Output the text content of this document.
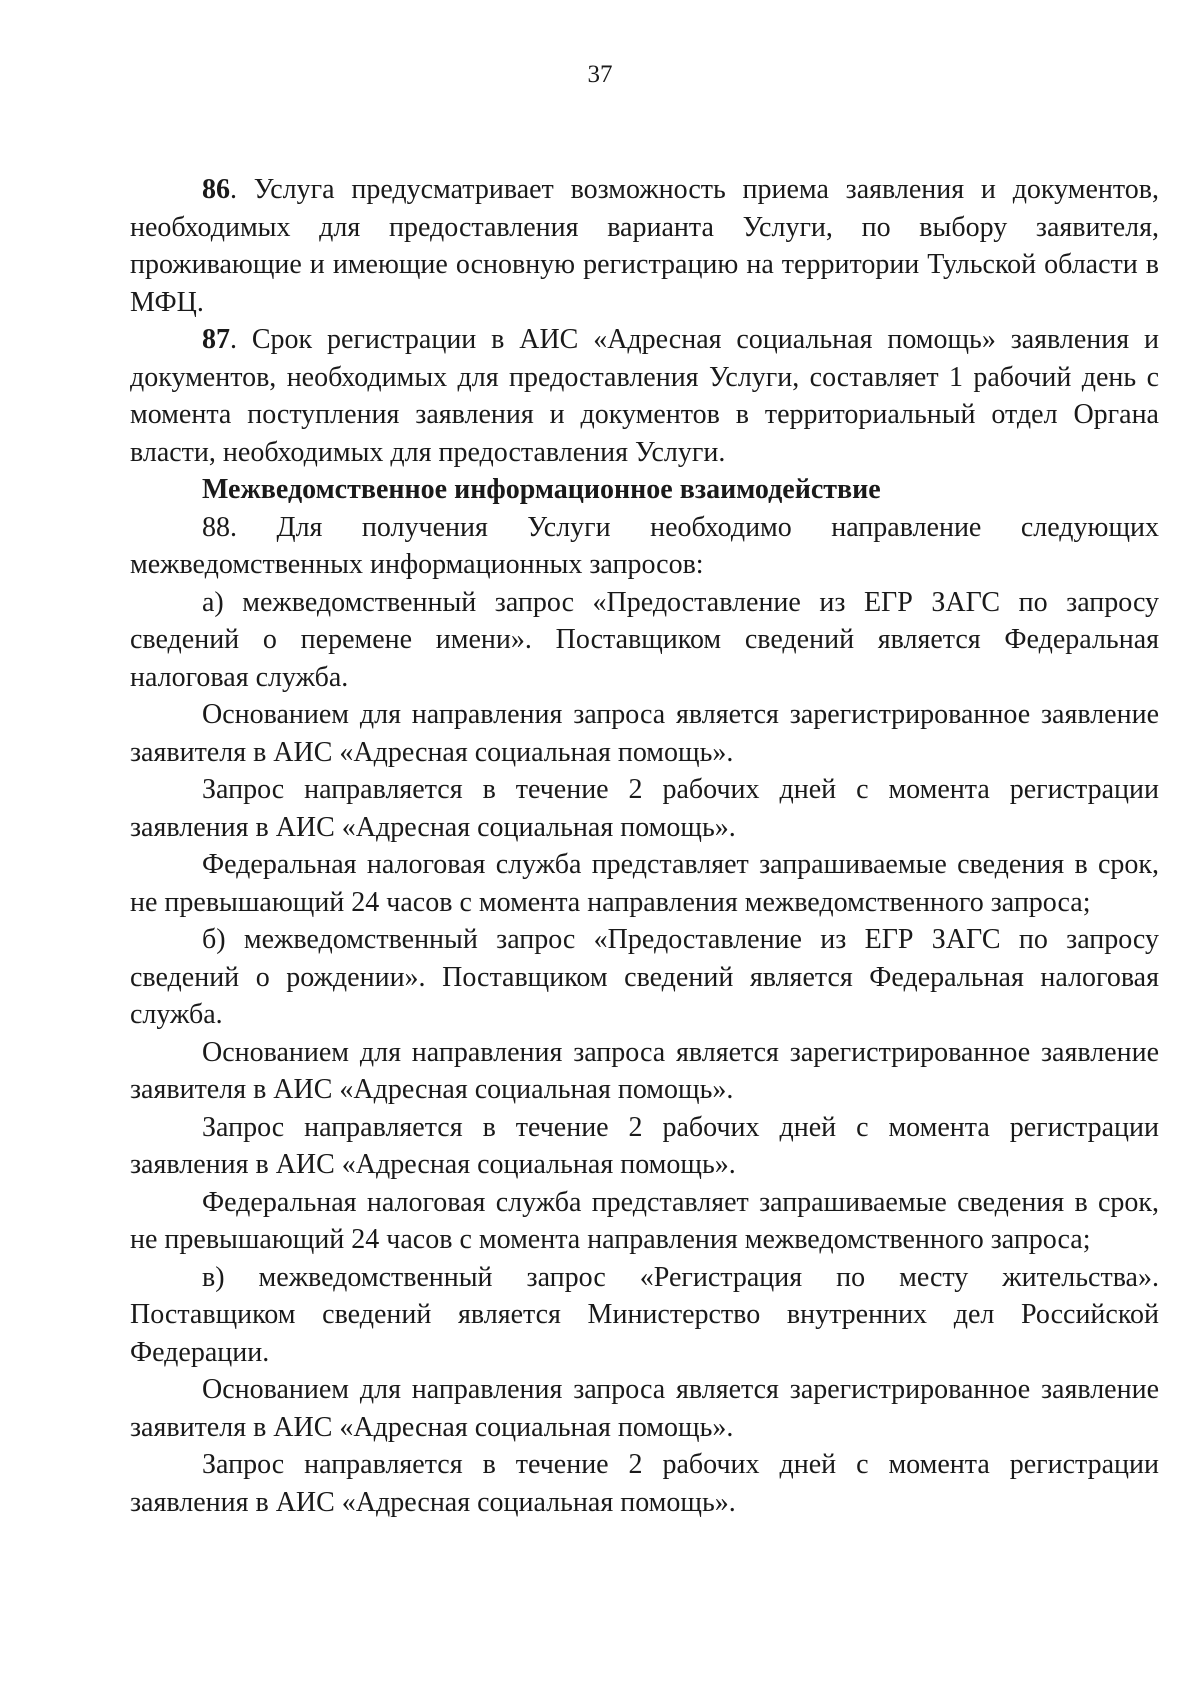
37

86. Услуга предусматривает возможность приема заявления и документов, необходимых для предоставления варианта Услуги, по выбору заявителя, проживающие и имеющие основную регистрацию на территории Тульской области в МФЦ.

87. Срок регистрации в АИС «Адресная социальная помощь» заявления и документов, необходимых для предоставления Услуги, составляет 1 рабочий день с момента поступления заявления и документов в территориальный отдел Органа власти, необходимых для предоставления Услуги.

Межведомственное информационное взаимодействие

88. Для получения Услуги необходимо направление следующих межведомственных информационных запросов:

а) межведомственный запрос «Предоставление из ЕГР ЗАГС по запросу сведений о перемене имени». Поставщиком сведений является Федеральная налоговая служба.

Основанием для направления запроса является зарегистрированное заявление заявителя в АИС «Адресная социальная помощь».

Запрос направляется в течение 2 рабочих дней с момента регистрации заявления в АИС «Адресная социальная помощь».

Федеральная налоговая служба представляет запрашиваемые сведения в срок, не превышающий 24 часов с момента направления межведомственного запроса;

б) межведомственный запрос «Предоставление из ЕГР ЗАГС по запросу сведений о рождении». Поставщиком сведений является Федеральная налоговая служба.

Основанием для направления запроса является зарегистрированное заявление заявителя в АИС «Адресная социальная помощь».

Запрос направляется в течение 2 рабочих дней с момента регистрации заявления в АИС «Адресная социальная помощь».

Федеральная налоговая служба представляет запрашиваемые сведения в срок, не превышающий 24 часов с момента направления межведомственного запроса;

в) межведомственный запрос «Регистрация по месту жительства». Поставщиком сведений является Министерство внутренних дел Российской Федерации.

Основанием для направления запроса является зарегистрированное заявление заявителя в АИС «Адресная социальная помощь».

Запрос направляется в течение 2 рабочих дней с момента регистрации заявления в АИС «Адресная социальная помощь».
